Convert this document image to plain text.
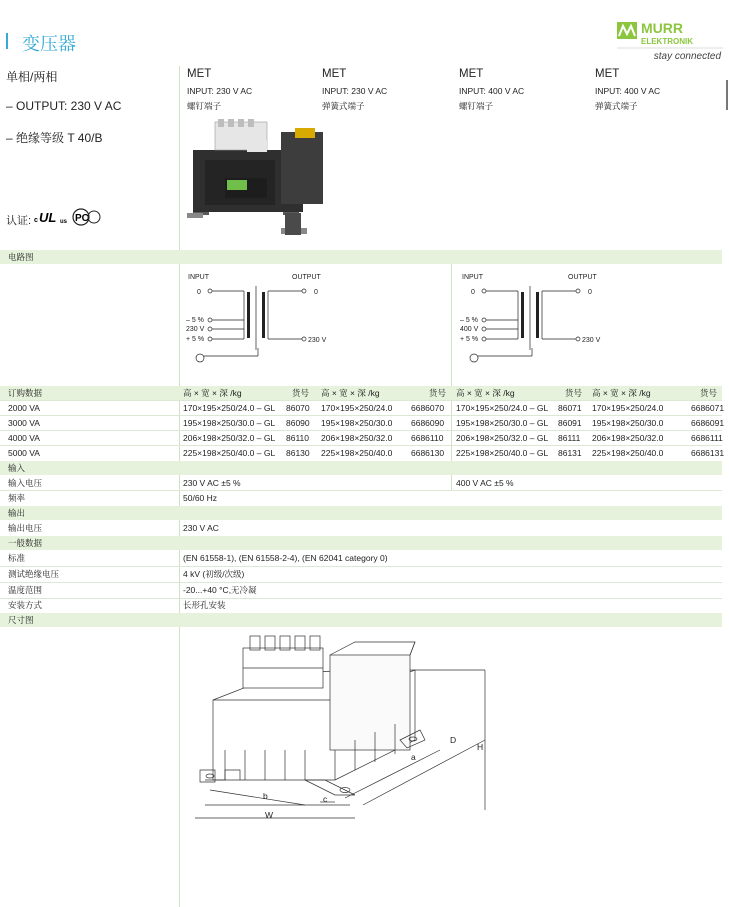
变压器
MURR
ELEKTRONIK
stay connected
单相/两相
– OUTPUT: 230 V AC
– 绝缘等级 T 40/B
认证: c UL us PC
MET
INPUT: 230 V AC
螺钉端子
MET
INPUT: 230 V AC
弹簧式端子
MET
INPUT: 400 V AC
螺钉端子
MET
INPUT: 400 V AC
弹簧式端子
电路图
INPUT	OUTPUT
0	0
– 5 %
230 V
+ 5 %	230 V
INPUT	OUTPUT
0	0
– 5 %
400 V
+ 5 %	230 V
订购数据	高 × 宽 × 深 /kg	货号 高 × 宽 × 深 /kg	货号 高 × 宽 × 深 /kg	货号 高 × 宽 × 深 /kg	货号
2000 VA	170×195×250/24.0 – GL 86070 170×195×250/24.0 6686070 170×195×250/24.0 – GL 86071 170×195×250/24.0	6686071
3000 VA	195×198×250/30.0 – GL 86090 195×198×250/30.0 6686090 195×198×250/30.0 – GL 86091 195×198×250/30.0	6686091
4000 VA	206×198×250/32.0 – GL 86110 206×198×250/32.0 6686110 206×198×250/32.0 – GL 86111 206×198×250/32.0	6686111
5000 VA	225×198×250/40.0 – GL 86130 225×198×250/40.0 6686130 225×198×250/40.0 – GL 86131 225×198×250/40.0	6686131
输入
输入电压	230 V AC ±5 %	400 V AC ±5 %
频率	50/60 Hz
输出
输出电压	230 V AC
一般数据
标准	(EN 61558-1), (EN 61558-2-4), (EN 62041 category 0)
测试绝缘电压	4 kV (初级/次级)
温度范围	-20...+40 °C,无冷凝
安装方式	长形孔安装
尺寸图
b	c
W
a
D
H
